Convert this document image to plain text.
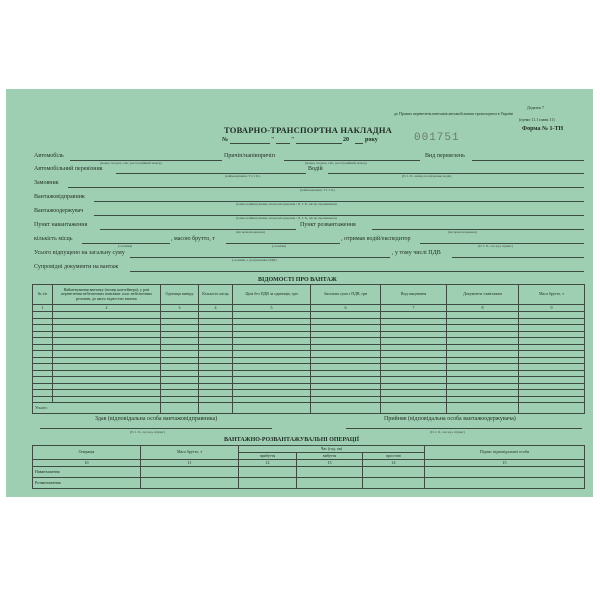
Додаток 7
до Правил перевезень вантажів автомобільним транспортом в Україні
(пункт 11.1 глави 11)
Форма № 1-ТН
ТОВАРНО-ТРАНСПОРТНА НАКЛАДНА
№	"	"	20	року	001751
Автомобіль
(марка, модель, тип, реєстраційний номер)
Причіп/напівпричіп
(марка, модель, тип, реєстраційний номер)
Вид перевезень
Автомобільний перевізник
(найменування / П. І. Б.)
Водій
(П. І. Б., номер посвідчення водія)
Замовник
(найменування / П. І. Б.)
Вантажовідправник
(повне найменування, місцезнаходження / П. І. Б., місце проживання)
Вантажоодержувач
(повне найменування, місцезнаходження / П. І. Б., місце проживання)
Пункт навантаження
(місцезнаходження)
Пункт розвантаження
(місцезнаходження)
кількість місць
(словами)
, масою брутто, т
(словами)
, отримав водій/експедитор
(П. І. Б., посада, підпис)
Усього відпущено на загальну суму
(словами, з урахуванням ПДВ)
, у тому числі ПДВ
Супровідні документи на вантаж
ВІДОМОСТІ ПРО ВАНТАЖ
№ з/п	Найменування вантажу (номер контейнера), у разі перевезення небезпечних вантажів: клас небезпечних речовин, до якого віднесено вантаж	Одиниця виміру	Кількість місць	Ціна без ПДВ за одиницю, грн	Загальна сума з ПДВ, грн	Вид пакування	Документи з вантажем	Маса брутто, т
1	2	3	4	5	6	7	8	9

Усього:								
Здав (відповідальна особа вантажовідправника)
(П. І. Б., посада, підпис)
Прийняв (відповідальна особа вантажоодержувача)
(П. І. Б., посада, підпис)
ВАНТАЖНО-РОЗВАНТАЖУВАЛЬНІ ОПЕРАЦІЇ
Операція	Маса брутто, т	Час (год. хв)			Підпис відповідальної особи
		прибуття	вибуття	простою	
10	11	12	13	14	15
Навантаження					
Розвантаження					
